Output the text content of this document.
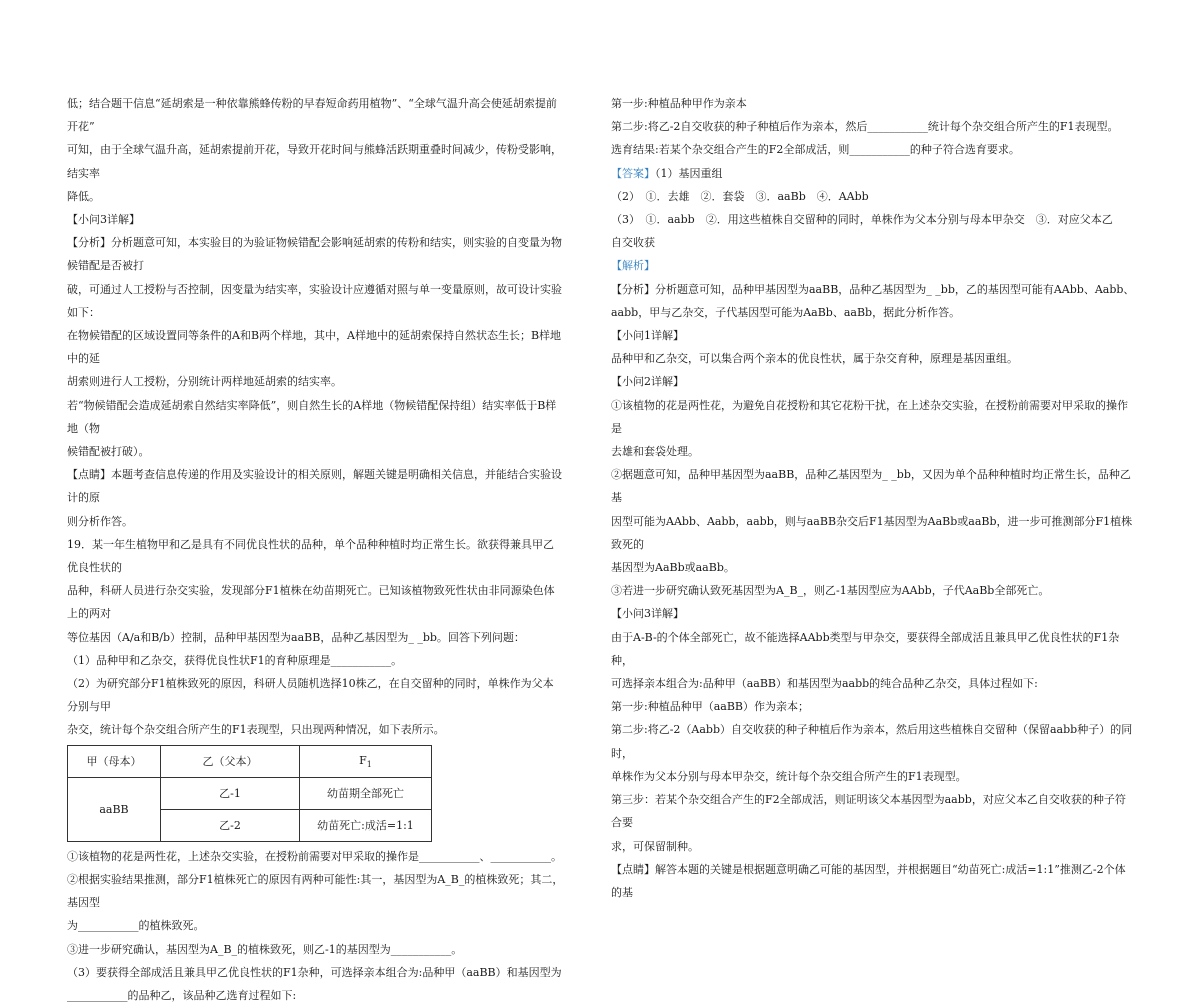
低；结合题干信息“延胡索是一种依靠熊蜂传粉的早春短命药用植物”、“全球气温升高会使延胡索提前开花”

可知，由于全球气温升高，延胡索提前开花，导致开花时间与熊蜂活跃期重叠时间减少，传粉受影响，结实率

降低。

【小问3详解】

【分析】分析题意可知，本实验目的为验证物候错配会影响延胡索的传粉和结实，则实验的自变量为物候错配是否被打

破，可通过人工授粉与否控制，因变量为结实率，实验设计应遵循对照与单一变量原则，故可设计实验如下：

在物候错配的区域设置同等条件的A和B两个样地，其中，A样地中的延胡索保持自然状态生长；B样地中的延

胡索则进行人工授粉，分别统计两样地延胡索的结实率。

若“物候错配会造成延胡索自然结实率降低”，则自然生长的A样地（物候错配保持组）结实率低于B样地（物

候错配被打破）。

【点睛】本题考查信息传递的作用及实验设计的相关原则，解题关键是明确相关信息，并能结合实验设计的原

则分析作答。

19．某一年生植物甲和乙是具有不同优良性状的品种，单个品种种植时均正常生长。欲获得兼具甲乙优良性状的

品种，科研人员进行杂交实验，发现部分F1植株在幼苗期死亡。已知该植物致死性状由非同源染色体上的两对

等位基因（A/a和B/b）控制，品种甲基因型为aaBB，品种乙基因型为_ _bb。回答下列问题：

（1）品种甲和乙杂交，获得优良性状F1的育种原理是___________。

（2）为研究部分F1植株致死的原因，科研人员随机选择10株乙，在自交留种的同时，单株作为父本分别与甲

杂交，统计每个杂交组合所产生的F1表现型，只出现两种情况，如下表所示。

甲（母本）	乙（父本）	$F_1$
aaBB	乙-1	幼苗期全部死亡
	乙-2	幼苗死亡:成活=1:1

①该植物的花是两性花，上述杂交实验，在授粉前需要对甲采取的操作是___________、___________。

②根据实验结果推测，部分F1植株死亡的原因有两种可能性:其一，基因型为A_B_的植株致死；其二，基因型

为___________的植株致死。

③进一步研究确认，基因型为A_B_的植株致死，则乙-1的基因型为___________。

（3）要获得全部成活且兼具甲乙优良性状的F1杂种，可选择亲本组合为:品种甲（aaBB）和基因型为

___________的品种乙，该品种乙选育过程如下:

第一步:种植品种甲作为亲本

第二步:将乙-2自交收获的种子种植后作为亲本，然后___________统计每个杂交组合所产生的F1表现型。

选育结果:若某个杂交组合产生的F2全部成活，则___________的种子符合选育要求。

【答案】（1）基因重组

（2）　①．去雄　②．套袋　③．aaBb　④．AAbb

（3）　①．aabb　②．用这些植株自交留种的同时，单株作为父本分别与母本甲杂交　③．对应父本乙

自交收获

【解析】

【分析】分析题意可知，品种甲基因型为aaBB，品种乙基因型为_ _bb，乙的基因型可能有AAbb、Aabb、

aabb，甲与乙杂交，子代基因型可能为AaBb、aaBb，据此分析作答。

【小问1详解】

品种甲和乙杂交，可以集合两个亲本的优良性状，属于杂交育种，原理是基因重组。

【小问2详解】

①该植物的花是两性花，为避免自花授粉和其它花粉干扰，在上述杂交实验，在授粉前需要对甲采取的操作是

去雄和套袋处理。

②据题意可知，品种甲基因型为aaBB，品种乙基因型为_ _bb，又因为单个品种种植时均正常生长，品种乙基

因型可能为AAbb、Aabb，aabb，则与aaBB杂交后F1基因型为AaBb或aaBb，进一步可推测部分F1植株致死的

基因型为AaBb或aaBb。

③若进一步研究确认致死基因型为A_B_，则乙-1基因型应为AAbb，子代AaBb全部死亡。

【小问3详解】

由于A-B-的个体全部死亡，故不能选择AAbb类型与甲杂交，要获得全部成活且兼具甲乙优良性状的F1杂种，

可选择亲本组合为:品种甲（aaBB）和基因型为aabb的纯合品种乙杂交，具体过程如下:

第一步:种植品种甲（aaBB）作为亲本；

第二步:将乙-2（Aabb）自交收获的种子种植后作为亲本，然后用这些植株自交留种（保留aabb种子）的同时，

单株作为父本分别与母本甲杂交，统计每个杂交组合所产生的F1表现型。

第三步：若某个杂交组合产生的F2全部成活，则证明该父本基因型为aabb，对应父本乙自交收获的种子符合要

求，可保留制种。

【点睛】解答本题的关键是根据题意明确乙可能的基因型，并根据题目“幼苗死亡:成活=1:1”推测乙-2个体的基
